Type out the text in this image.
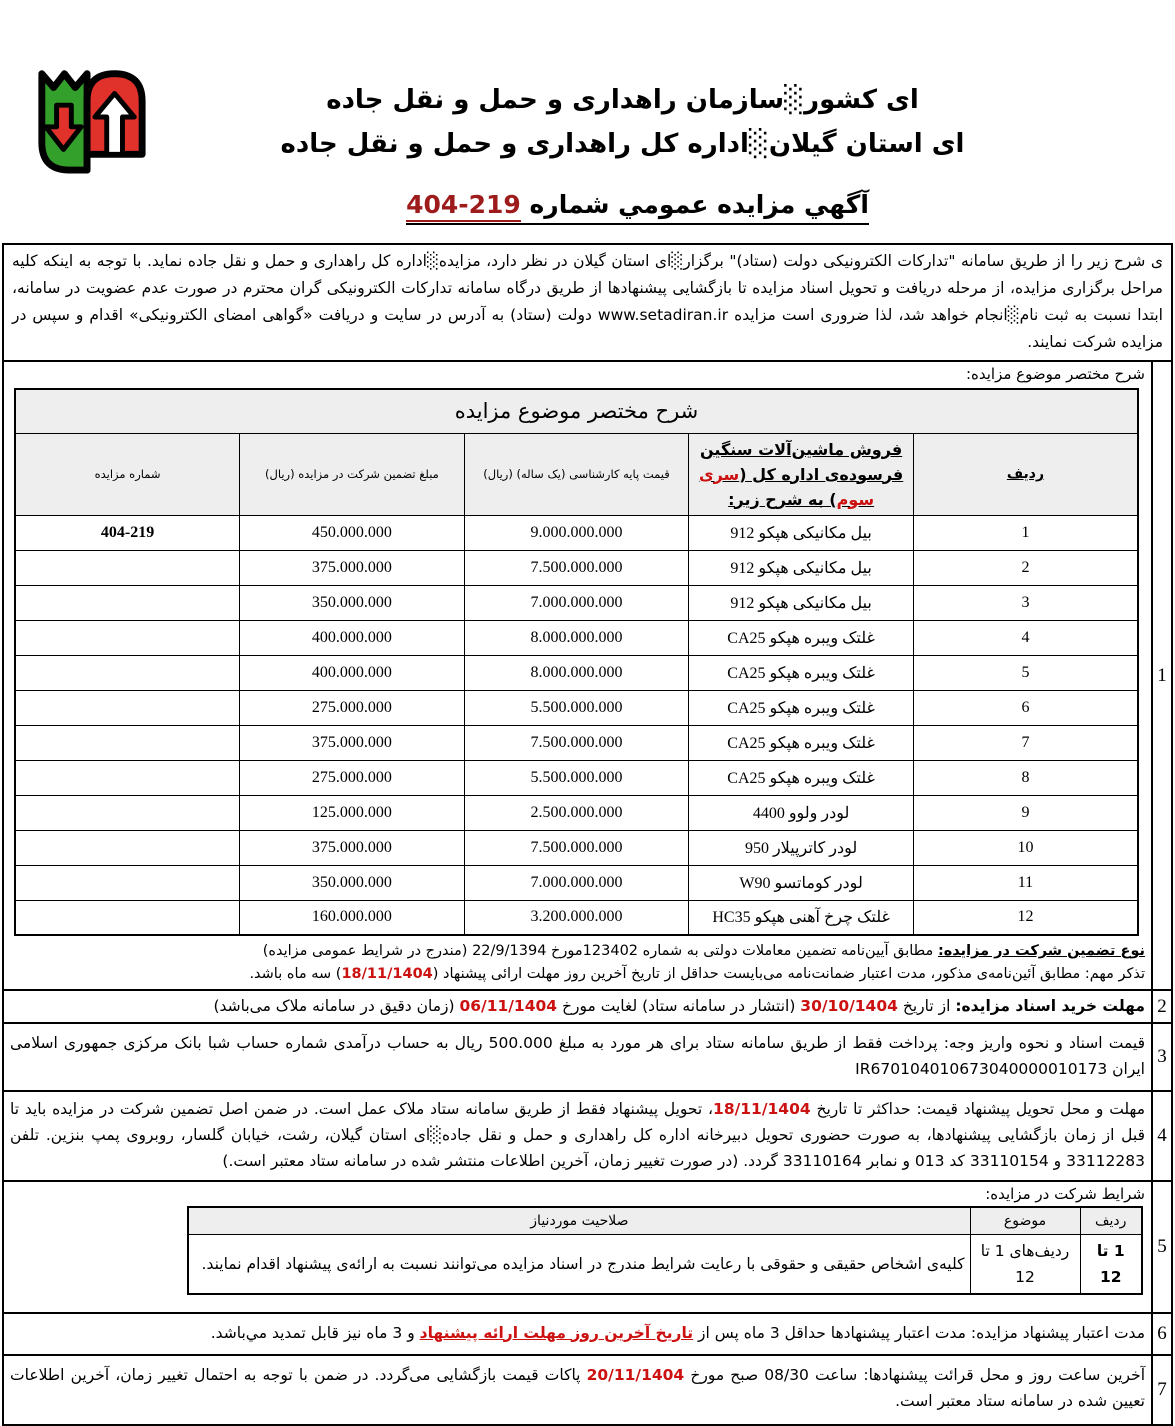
ای کشور░سازمان راهداری و حمل و نقل جاده
ای استان گیلان░اداره کل راهداری و حمل و نقل جاده
آگهي مزايده عمومي شماره 404-219
ی شرح زیر را از طریق سامانه "تدارکات الکترونیکی دولت (ستاد)" برگزار░ای استان گیلان در نظر دارد، مزایده░اداره کل راهداری و حمل و نقل جاده نماید. با توجه به اینکه کلیه مراحل برگزاری مزایده، از مرحله دریافت و تحویل اسناد مزایده تا بازگشایی پیشنهادها از طریق درگاه سامانه تدارکات الکترونیکی گران محترم در صورت عدم عضویت در سامانه، ابتدا نسبت به ثبت نام░انجام خواهد شد، لذا ضروری است مزایده www.setadiran.ir دولت (ستاد) به آدرس در سایت و دریافت «گواهی امضای الکترونیکی» اقدام و سپس در مزایده شرکت نمایند.
1
شرح مختصر موضوع مزایده:
شرح مختصر موضوع مزایده				
ردیف	فروش ماشین‌آلات سنگین فرسوده‌ی اداره کل (سری سوم) به شرح زیر:	قیمت پایه کارشناسی (یک ساله) (ریال)	مبلغ تضمین شرکت در مزایده (ریال)	شماره مزایده
1	بیل مکانیکی هپکو 912	9.000.000.000	450.000.000	404-219
2	بیل مکانیکی هپکو 912	7.500.000.000	375.000.000	
3	بیل مکانیکی هپکو 912	7.000.000.000	350.000.000	
4	غلتک ویبره هپکو CA25	8.000.000.000	400.000.000	
5	غلتک ویبره هپکو CA25	8.000.000.000	400.000.000	
6	غلتک ویبره هپکو CA25	5.500.000.000	275.000.000	
7	غلتک ویبره هپکو CA25	7.500.000.000	375.000.000	
8	غلتک ویبره هپکو CA25	5.500.000.000	275.000.000	
9	لودر ولوو 4400	2.500.000.000	125.000.000	
10	لودر کاترپیلار 950	7.500.000.000	375.000.000	
11	لودر کوماتسو W90	7.000.000.000	350.000.000	
12	غلتک چرخ آهنی هپکو HC35	3.200.000.000	160.000.000	
نوع تضمین شرکت در مزایده: مطابق آیین‌نامه تضمین معاملات دولتی به شماره 123402مورخ 22/9/1394 (مندرج در شرایط عمومی مزایده)
تذکر مهم: مطابق آئین‌نامه‌ی مذکور، مدت اعتبار ضمانت‌نامه می‌بایست حداقل از تاریخ آخرین روز مهلت ارائی پیشنهاد (18/11/1404) سه ماه باشد.
2
مهلت خرید اسناد مزایده: از تاریخ 30/10/1404 (انتشار در سامانه ستاد) لغایت مورخ 06/11/1404 (زمان دقیق در سامانه ملاک می‌باشد)
3
قیمت اسناد و نحوه واریز وجه: پرداخت فقط از طریق سامانه ستاد برای هر مورد به مبلغ 500.000 ریال به حساب درآمدی شماره حساب شبا بانک مرکزی جمهوری اسلامی ایران IR670104010673040000010173
4
مهلت و محل تحویل پیشنهاد قیمت: حداکثر تا تاریخ 18/11/1404، تحویل پیشنهاد فقط از طریق سامانه ستاد ملاک عمل است. در ضمن اصل تضمین شرکت در مزایده باید تا قبل از زمان بازگشایی پیشنهادها، به صورت حضوری تحویل دبیرخانه اداره کل راهداری و حمل و نقل جاده░ای استان گیلان، رشت، خیابان گلسار، روبروی پمپ بنزین. تلفن 33112283 و 33110154 کد 013 و نمابر 33110164 گردد. (در صورت تغییر زمان، آخرین اطلاعات منتشر شده در سامانه ستاد معتبر است.)
5
شرایط شرکت در مزایده:
ردیف	موضوع	صلاحیت موردنیاز
1 تا 12	ردیف‌های 1 تا 12	کلیه‌ی اشخاص حقیقی و حقوقی با رعایت شرایط مندرج در اسناد مزایده می‌توانند نسبت به ارائه‌ی پیشنهاد اقدام نمایند.
6
مدت اعتبار پیشنهاد مزایده: مدت اعتبار پیشنهادها حداقل 3 ماه پس از تاریخ آخرین روز مهلت ارائه پیشنهاد و 3 ماه نیز قابل تمدید مي‌باشد.
7
آخرین ساعت روز و محل قرائت پیشنهادها: ساعت 08/30 صبح مورخ 20/11/1404 پاکات قیمت بازگشایی می‌گردد. در ضمن با توجه به احتمال تغییر زمان، آخرین اطلاعات تعیین شده در سامانه ستاد معتبر است.
